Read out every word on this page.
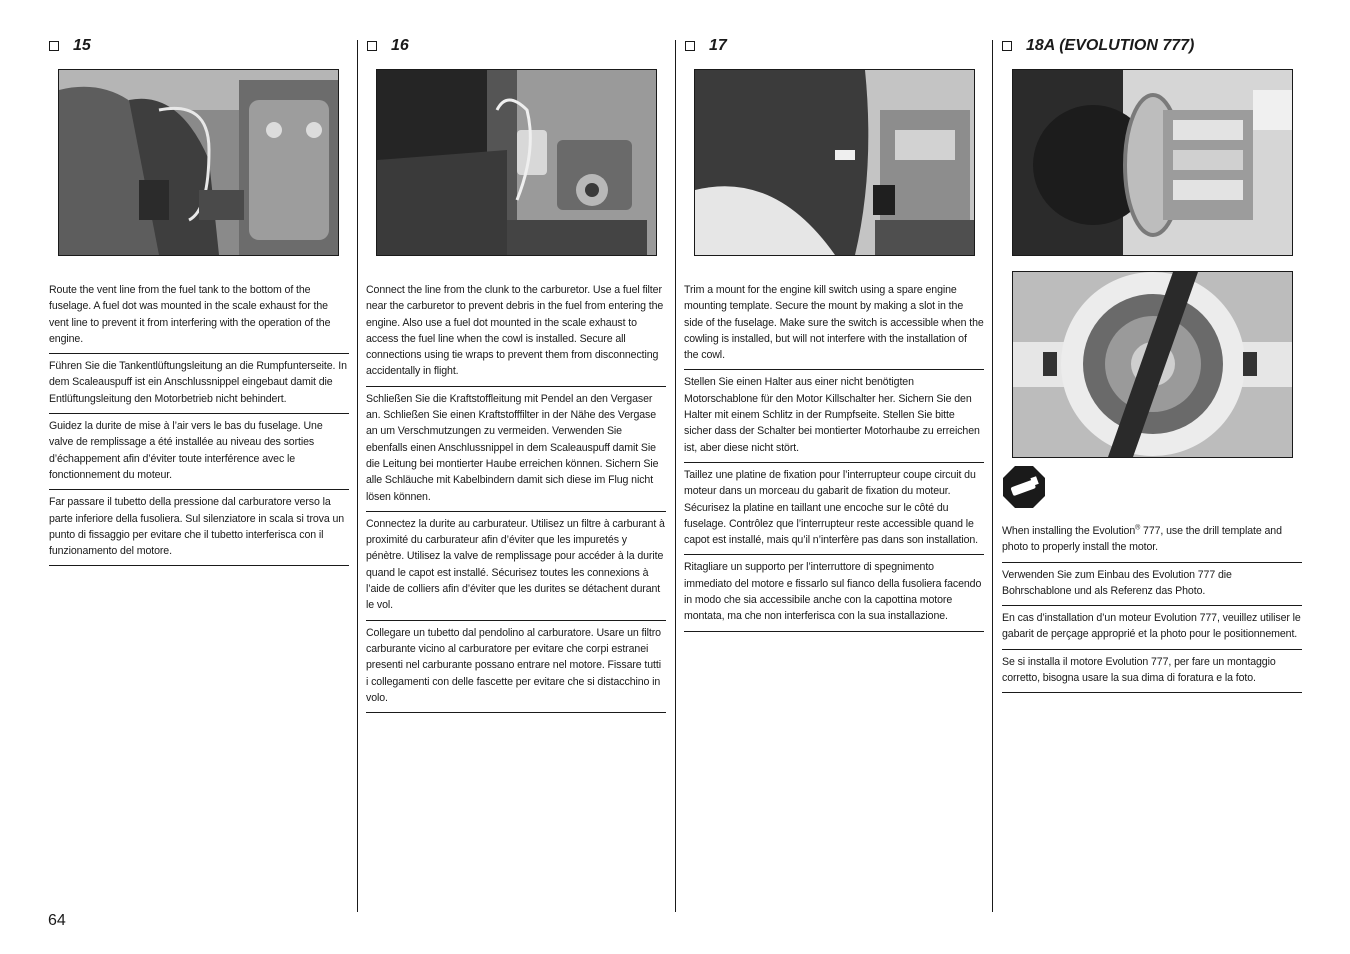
15
Route the vent line from the fuel tank to the bottom of the fuselage. A fuel dot was mounted in the scale exhaust for the vent line to prevent it from interfering with the operation of the engine.
Führen Sie die Tankentlüftungsleitung an die Rumpfunterseite. In dem Scaleauspuff ist ein Anschlussnippel eingebaut damit die Entlüftungsleitung den Motorbetrieb nicht behindert.
Guidez la durite de mise à l’air vers le bas du fuselage. Une valve de remplissage a été installée au niveau des sorties d’échappement afin d’éviter toute interférence avec le fonctionnement du moteur.
Far passare il tubetto della pressione dal carburatore verso la parte inferiore della fusoliera. Sul silenziatore in scala si trova un punto di fissaggio per evitare che il tubetto interferisca con il funzionamento del motore.
16
Connect the line from the clunk to the carburetor. Use a fuel filter near the carburetor to prevent debris in the fuel from entering the engine. Also use a fuel dot mounted in the scale exhaust to access the fuel line when the cowl is installed. Secure all connections using tie wraps to prevent them from disconnecting accidentally in flight.
Schließen Sie die Kraftstoffleitung mit Pendel an den Vergaser an. Schließen Sie einen Kraftstofffilter in der Nähe des Vergase an um Verschmutzungen zu vermeiden. Verwenden Sie ebenfalls einen Anschlussnippel in dem Scaleauspuff damit Sie die Leitung bei montierter Haube erreichen können. Sichern Sie alle Schläuche mit Kabelbindern damit sich diese im Flug nicht lösen können.
Connectez la durite au carburateur. Utilisez un filtre à carburant à proximité du carburateur afin d’éviter que les impuretés y pénètre. Utilisez la valve de remplissage pour accéder à la durite quand le capot est installé. Sécurisez toutes les connexions à l’aide de colliers afin d’éviter que les durites se détachent durant le vol.
Collegare un tubetto dal pendolino al carburatore. Usare un filtro carburante vicino al carburatore per evitare che corpi estranei presenti nel carburante possano entrare nel motore. Fissare tutti i collegamenti con delle fascette per evitare che si distacchino in volo.
17
Trim a mount for the engine kill switch using a spare engine mounting template. Secure the mount by making a slot in the side of the fuselage. Make sure the switch is accessible when the cowling is installed, but will not interfere with the installation of the cowl.
Stellen Sie einen Halter aus einer nicht benötigten Motorschablone für den Motor Killschalter her. Sichern Sie den Halter mit einem Schlitz in der Rumpfseite. Stellen Sie bitte sicher dass der Schalter bei montierter Motorhaube zu erreichen ist, aber diese nicht stört.
Taillez une platine de fixation pour l’interrupteur coupe circuit du moteur dans un morceau du gabarit de fixation du moteur. Sécurisez la platine en taillant une encoche sur le côté du fuselage. Contrôlez que l’interrupteur reste accessible quand le capot est installé, mais qu’il n’interfère pas dans son installation.
Ritagliare un supporto per l’interruttore di spegnimento immediato del motore e fissarlo sul fianco della fusoliera facendo in modo che sia accessibile anche con la capottina motore montata, ma che non interferisca con la sua installazione.
18A (EVOLUTION 777)
When installing the Evolution® 777, use the drill template and photo to properly install the motor.
Verwenden Sie zum Einbau des Evolution 777 die Bohrschablone und als Referenz das Photo.
En cas d’installation d’un moteur Evolution 777, veuillez utiliser le gabarit de perçage approprié et la photo pour le positionnement.
Se si installa il motore Evolution 777, per fare un montaggio corretto, bisogna usare la sua dima di foratura e la foto.
64
